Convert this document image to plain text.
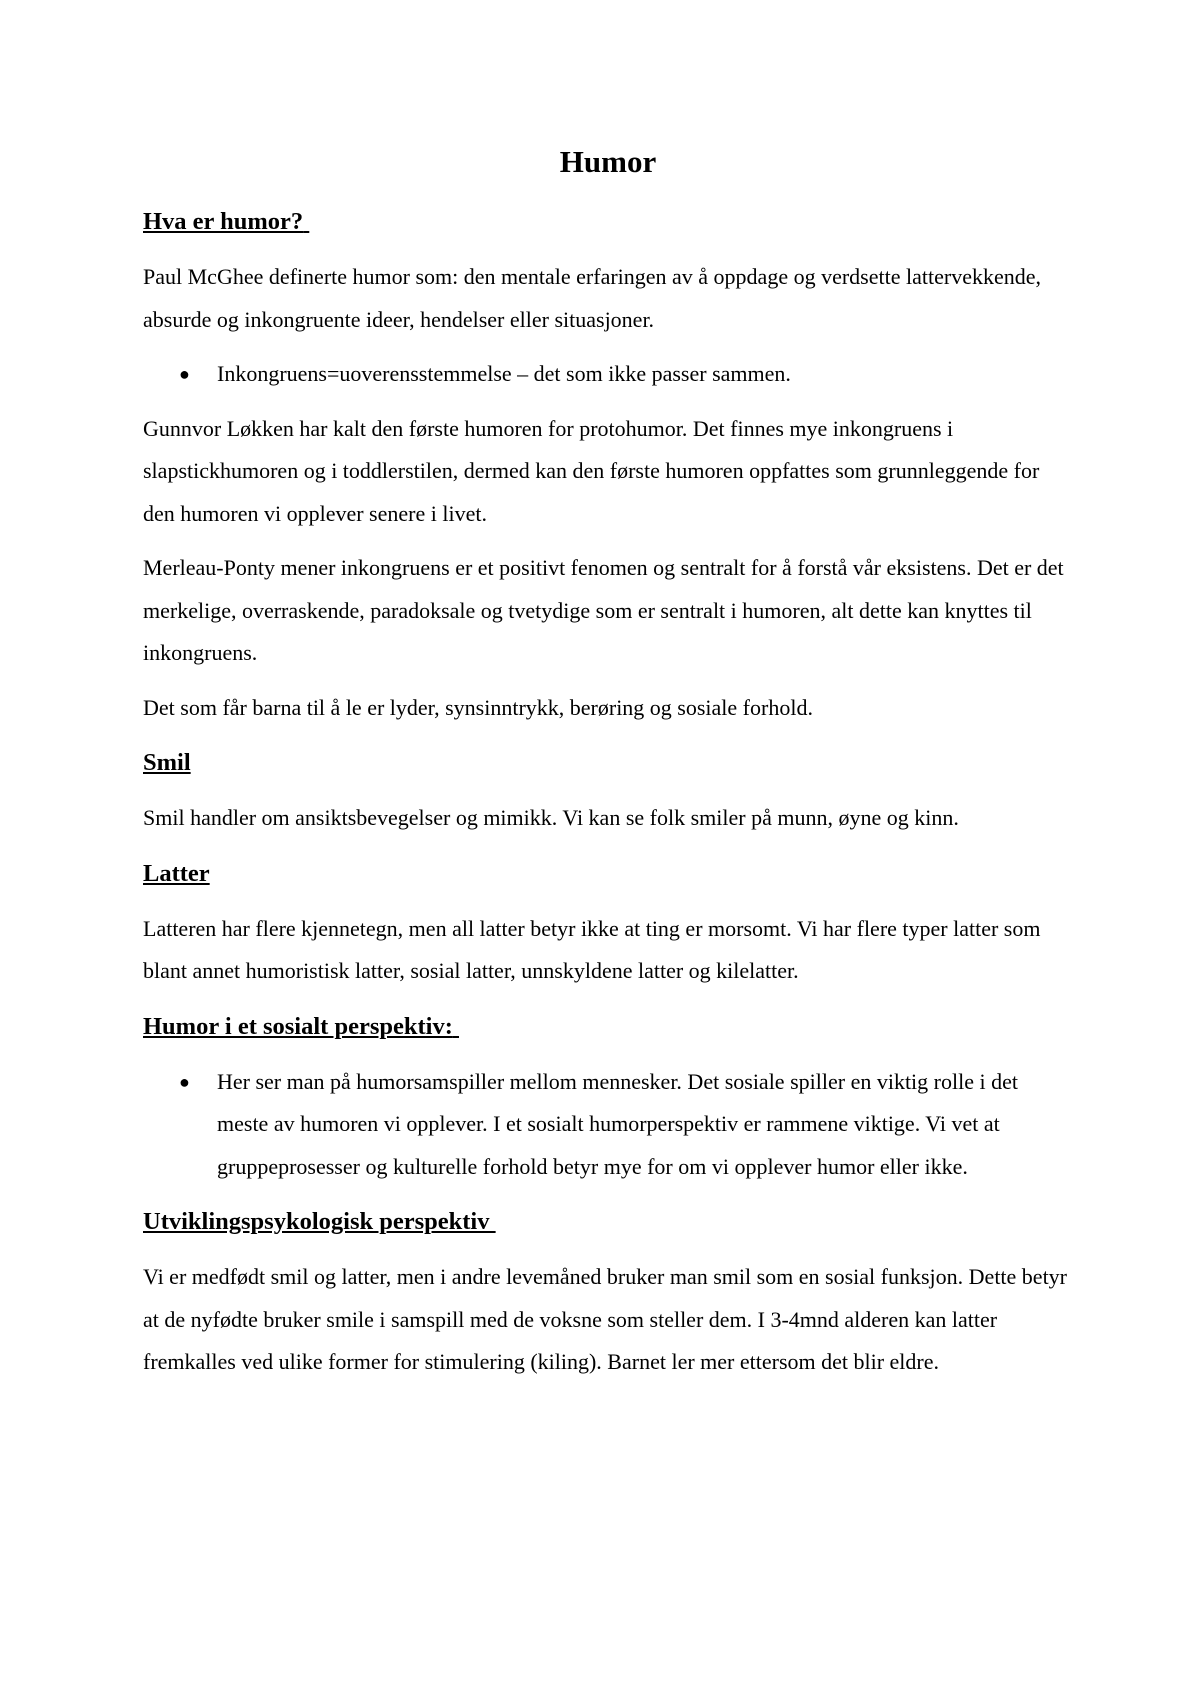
Humor
Hva er humor?

Paul McGhee definerte humor som: den mentale erfaringen av å oppdage og verdsette lattervekkende, absurde og inkongruente ideer, hendelser eller situasjoner.

● Inkongruens=uoverensstemmelse – det som ikke passer sammen.

Gunnvor Løkken har kalt den første humoren for protohumor. Det finnes mye inkongruens i slapstickhumoren og i toddlerstilen, dermed kan den første humoren oppfattes som grunnleggende for den humoren vi opplever senere i livet.

Merleau-Ponty mener inkongruens er et positivt fenomen og sentralt for å forstå vår eksistens. Det er det merkelige, overraskende, paradoksale og tvetydige som er sentralt i humoren, alt dette kan knyttes til inkongruens.

Det som får barna til å le er lyder, synsinntrykk, berøring og sosiale forhold.

Smil

Smil handler om ansiktsbevegelser og mimikk. Vi kan se folk smiler på munn, øyne og kinn.

Latter

Latteren har flere kjennetegn, men all latter betyr ikke at ting er morsomt. Vi har flere typer latter som blant annet humoristisk latter, sosial latter, unnskyldene latter og kilelatter.

Humor i et sosialt perspektiv:
● Her ser man på humorsamspiller mellom mennesker. Det sosiale spiller en viktig rolle i det meste av humoren vi opplever. I et sosialt humorperspektiv er rammene viktige. Vi vet at gruppeprosesser og kulturelle forhold betyr mye for om vi opplever humor eller ikke.
Utviklingspsykologisk perspektiv

Vi er medfødt smil og latter, men i andre levemåned bruker man smil som en sosial funksjon. Dette betyr at de nyfødte bruker smile i samspill med de voksne som steller dem. I 3-4mnd alderen kan latter fremkalles ved ulike former for stimulering (kiling). Barnet ler mer ettersom det blir eldre.
